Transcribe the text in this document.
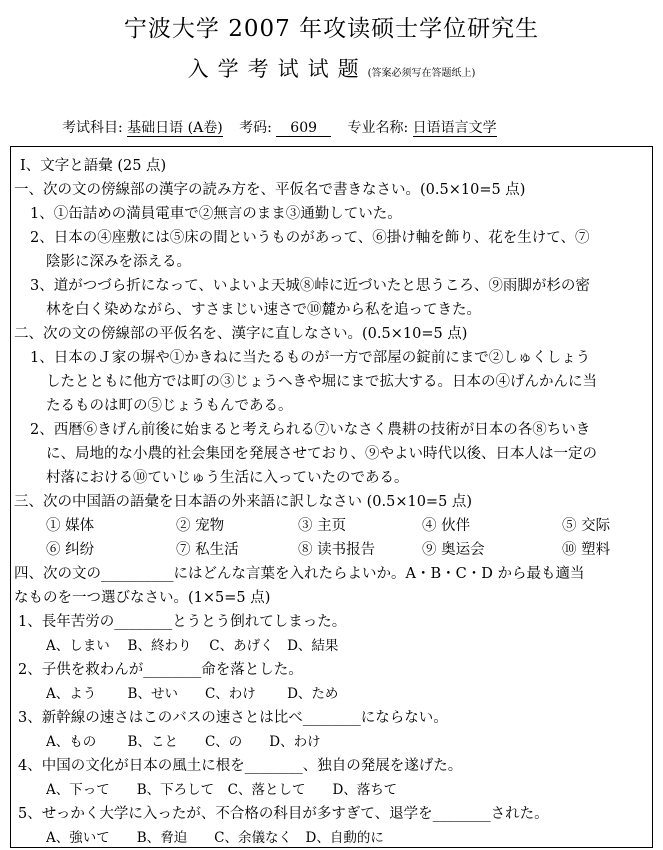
宁波大学 2007 年攻读硕士学位研究生
入学考试试题(答案必须写在答题纸上)
考试科目: 基础日语 (A卷) 考码: 609 专业名称: 日语语言文学
I、文字と語彙 (25 点)
一、次の文の傍線部の漢字の読み方を、平仮名で書きなさい。(0.5×10=5 点)
1、①缶詰めの満員電車で②無言のまま③通勤していた。
2、日本の④座敷には⑤床の間というものがあって、⑥掛け軸を飾り、花を生けて、⑦
陰影に深みを添える。
3、道がつづら折になって、いよいよ天城⑧峠に近づいたと思うころ、⑨雨脚が杉の密
林を白く染めながら、すさまじい速さで⑩麓から私を追ってきた。
二、次の文の傍線部の平仮名を、漢字に直しなさい。(0.5×10=5 点)
1、日本のＪ家の塀や①かきねに当たるものが一方で部屋の錠前にまで②しゅくしょう
したとともに他方では町の③じょうへきや堀にまで拡大する。日本の④げんかんに当
たるものは町の⑤じょうもんである。
2、西暦⑥きげん前後に始まると考えられる⑦いなさく農耕の技術が日本の各⑧ちいき
に、局地的な小農的社会集団を発展させており、⑨やよい時代以後、日本人は一定の
村落における⑩ていじゅう生活に入っていたのである。
三、次の中国語の語彙を日本語の外来語に訳しなさい (0.5×10=5 点)
① 媒体	② 宠物	③ 主页	④ 伙伴	⑤ 交际
⑥ 纠纷	⑦ 私生活	⑧ 读书报告	⑨ 奥运会	⑩ 塑料
四、次の文の__________にはどんな言葉を入れたらよいか。A・B・C・D から最も適当
なものを一つ選びなさい。(1×5=5 点)
1、長年苦労の________とうとう倒れてしまった。
A、しまい　 B、終わり　 C、あげく　D、結果
2、子供を救わんが________命を落とした。
A、よう　　 B、せい　　C、わけ　　 D、ため
3、新幹線の速さはこのバスの速さとは比べ________にならない。
A、もの　　 B、こと　　C、の　　D、わけ
4、中国の文化が日本の風土に根を________、独自の発展を遂げた。
A、下って　　B、下ろして　C、落として　　D、落ちて
5、せっかく大学に入ったが、不合格の科目が多すぎて、退学を________された。
A、強いて　　B、脅迫　　C、余儀なく　D、自動的に
